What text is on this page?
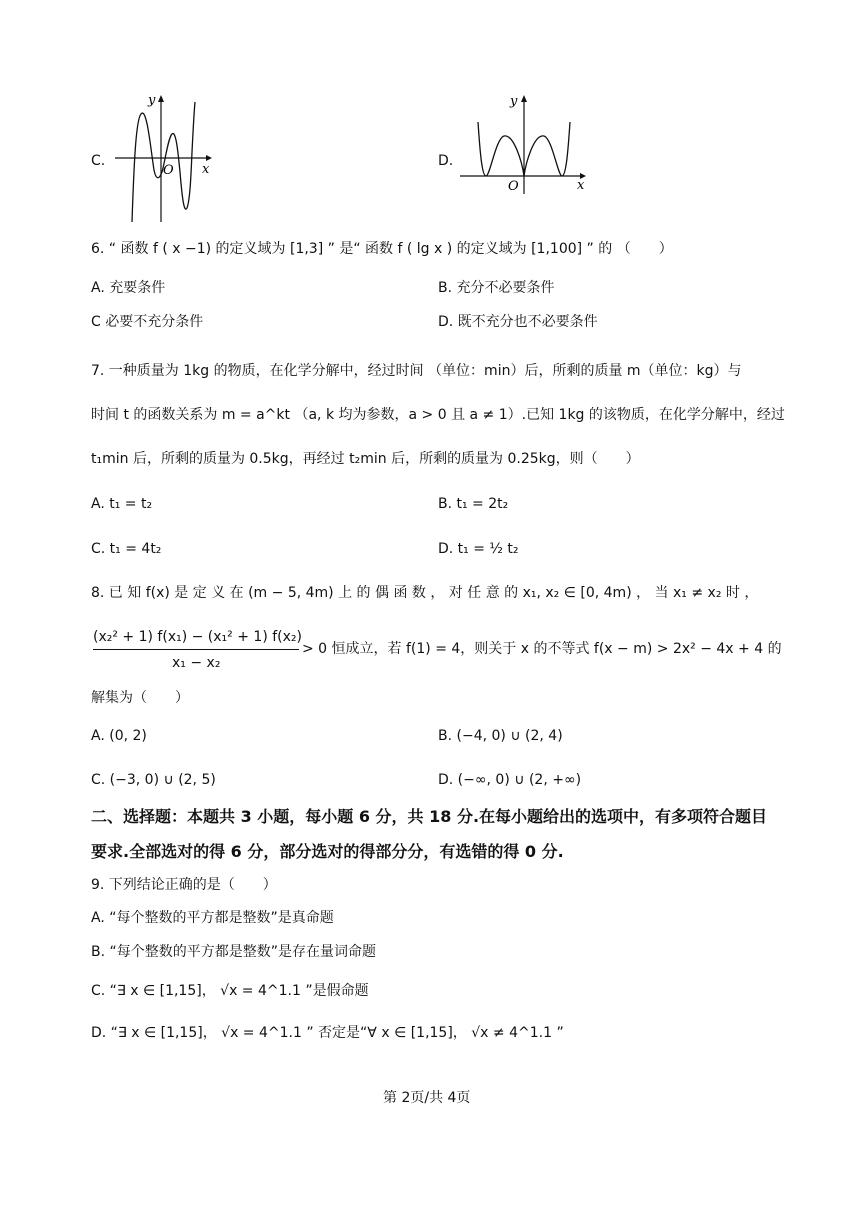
C.
y
x
O
D.
y
x
O
6. “ 函数 f ( x −1) 的定义域为 [1,3] ” 是“ 函数 f ( lg x ) 的定义域为 [1,100] ” 的 （　　）
A. 充要条件	B. 充分不必要条件
C 必要不充分条件	D. 既不充分也不必要条件
7. 一种质量为 1kg 的物质，在化学分解中，经过时间 （单位：min）后，所剩的质量 m（单位：kg）与
时间 t 的函数关系为 m = a^kt （a, k 均为参数，a > 0 且 a ≠ 1）.已知 1kg 的该物质，在化学分解中，经过
t₁min 后，所剩的质量为 0.5kg，再经过 t₂min 后，所剩的质量为 0.25kg，则（　　）
A. t₁ = t₂	B. t₁ = 2t₂
C. t₁ = 4t₂	D. t₁ = ½ t₂
8. 已 知 f(x) 是 定 义 在 (m − 5, 4m) 上 的 偶 函 数 ， 对 任 意 的 x₁, x₂ ∈ [0, 4m) ， 当 x₁ ≠ x₂ 时 ，
(x₂² + 1) f(x₁) − (x₁² + 1) f(x₂)
x₁ − x₂
> 0 恒成立，若 f(1) = 4，则关于 x 的不等式 f(x − m) > 2x² − 4x + 4 的
解集为（　　）
A. (0, 2)	B. (−4, 0) ∪ (2, 4)
C. (−3, 0) ∪ (2, 5)	D. (−∞, 0) ∪ (2, +∞)
二、选择题：本题共 3 小题，每小题 6 分，共 18 分.在每小题给出的选项中，有多项符合题目
要求.全部选对的得 6 分，部分选对的得部分分，有选错的得 0 分.
9. 下列结论正确的是（　　）
A. “每个整数的平方都是整数”是真命题
B. “每个整数的平方都是整数”是存在量词命题
C. “∃ x ∈ [1,15]， √x = 4^1.1 ”是假命题
D. “∃ x ∈ [1,15]， √x = 4^1.1 ” 否定是“∀ x ∈ [1,15]， √x ≠ 4^1.1 ”
第 2页/共 4页
